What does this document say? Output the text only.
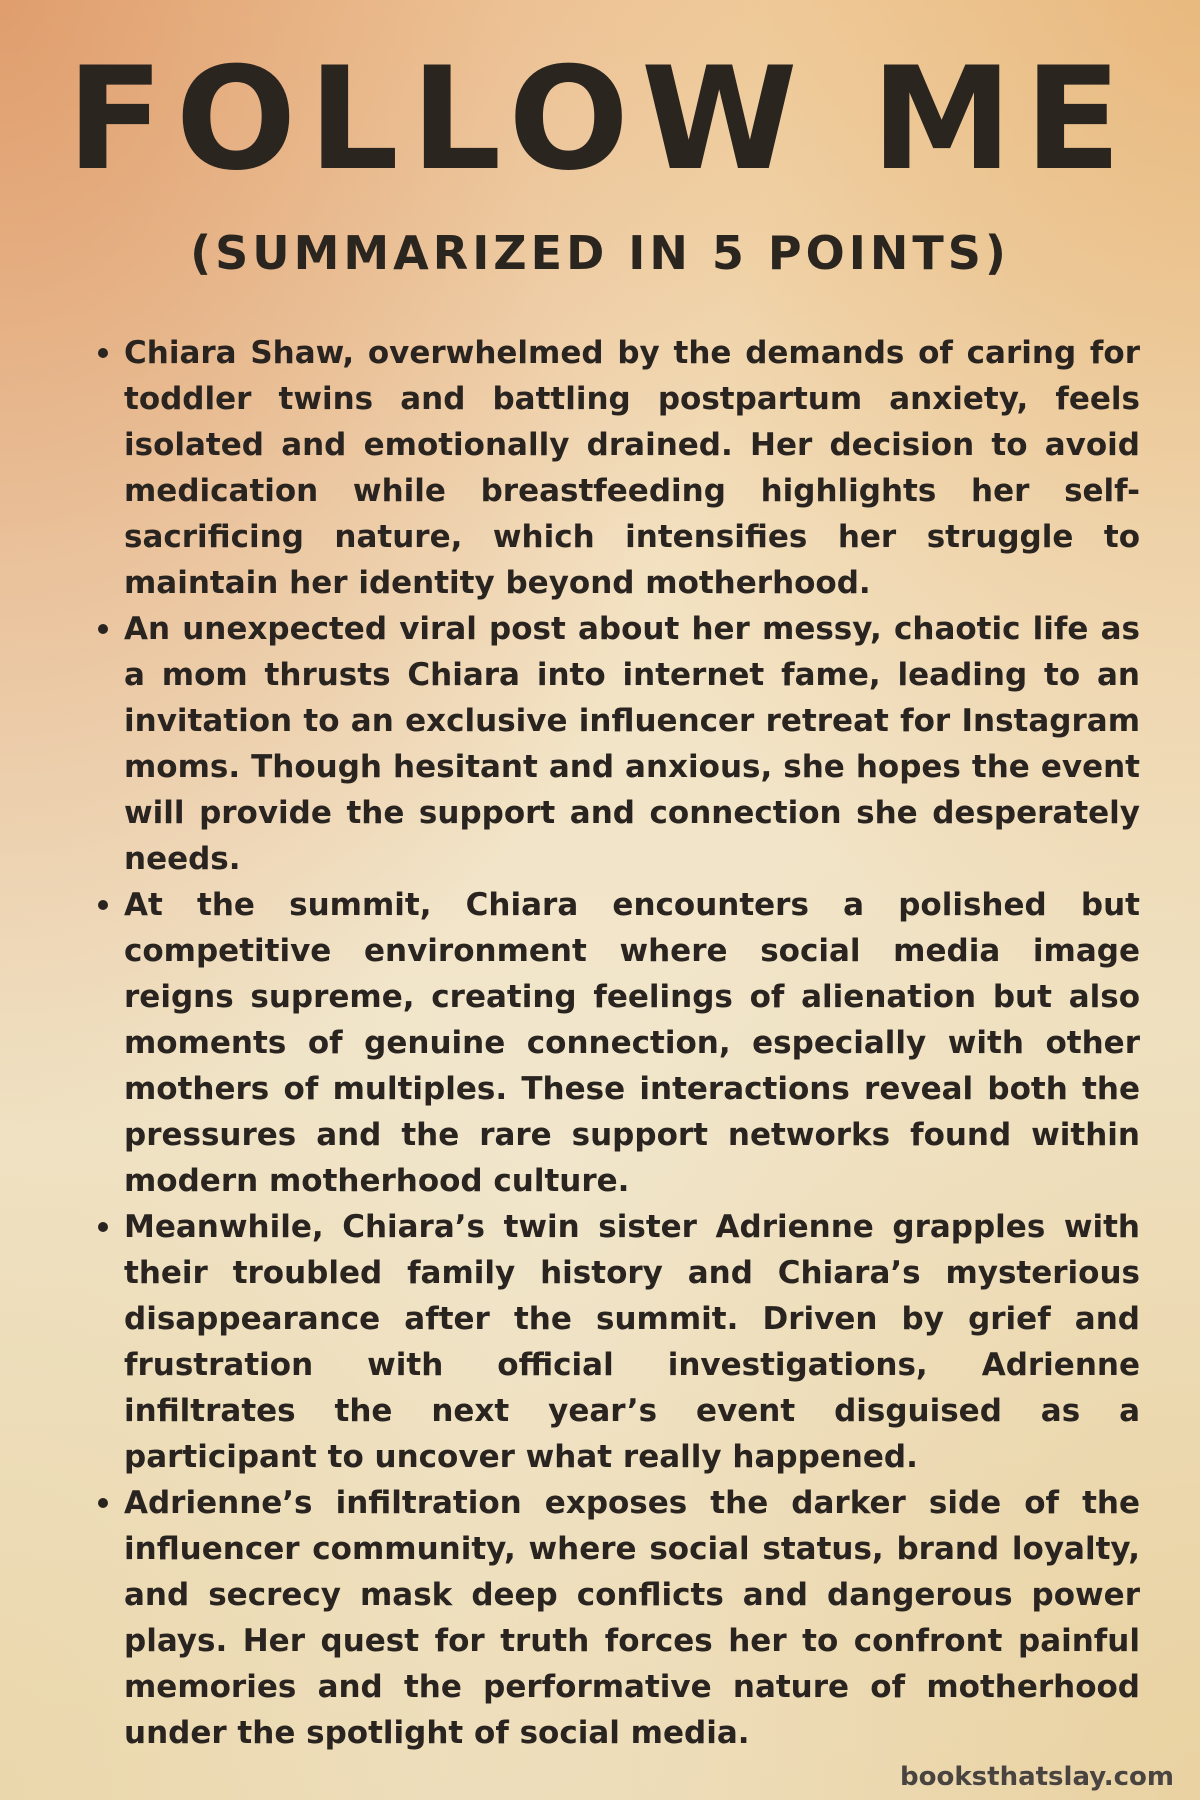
FOLLOW ME
(SUMMARIZED IN 5 POINTS)
Chiara Shaw, overwhelmed by the demands of caring for toddler twins and battling postpartum anxiety, feels isolated and emotionally drained. Her decision to avoid medication while breastfeeding highlights her self-sacrificing nature, which intensifies her struggle to maintain her identity beyond motherhood.
An unexpected viral post about her messy, chaotic life as a mom thrusts Chiara into internet fame, leading to an invitation to an exclusive influencer retreat for Instagram moms. Though hesitant and anxious, she hopes the event will provide the support and connection she desperately needs.
At the summit, Chiara encounters a polished but competitive environment where social media image reigns supreme, creating feelings of alienation but also moments of genuine connection, especially with other mothers of multiples. These interactions reveal both the pressures and the rare support networks found within modern motherhood culture.
Meanwhile, Chiara’s twin sister Adrienne grapples with their troubled family history and Chiara’s mysterious disappearance after the summit. Driven by grief and frustration with official investigations, Adrienne infiltrates the next year’s event disguised as a participant to uncover what really happened.
Adrienne’s infiltration exposes the darker side of the influencer community, where social status, brand loyalty, and secrecy mask deep conflicts and dangerous power plays. Her quest for truth forces her to confront painful memories and the performative nature of motherhood under the spotlight of social media.
booksthatslay.com
